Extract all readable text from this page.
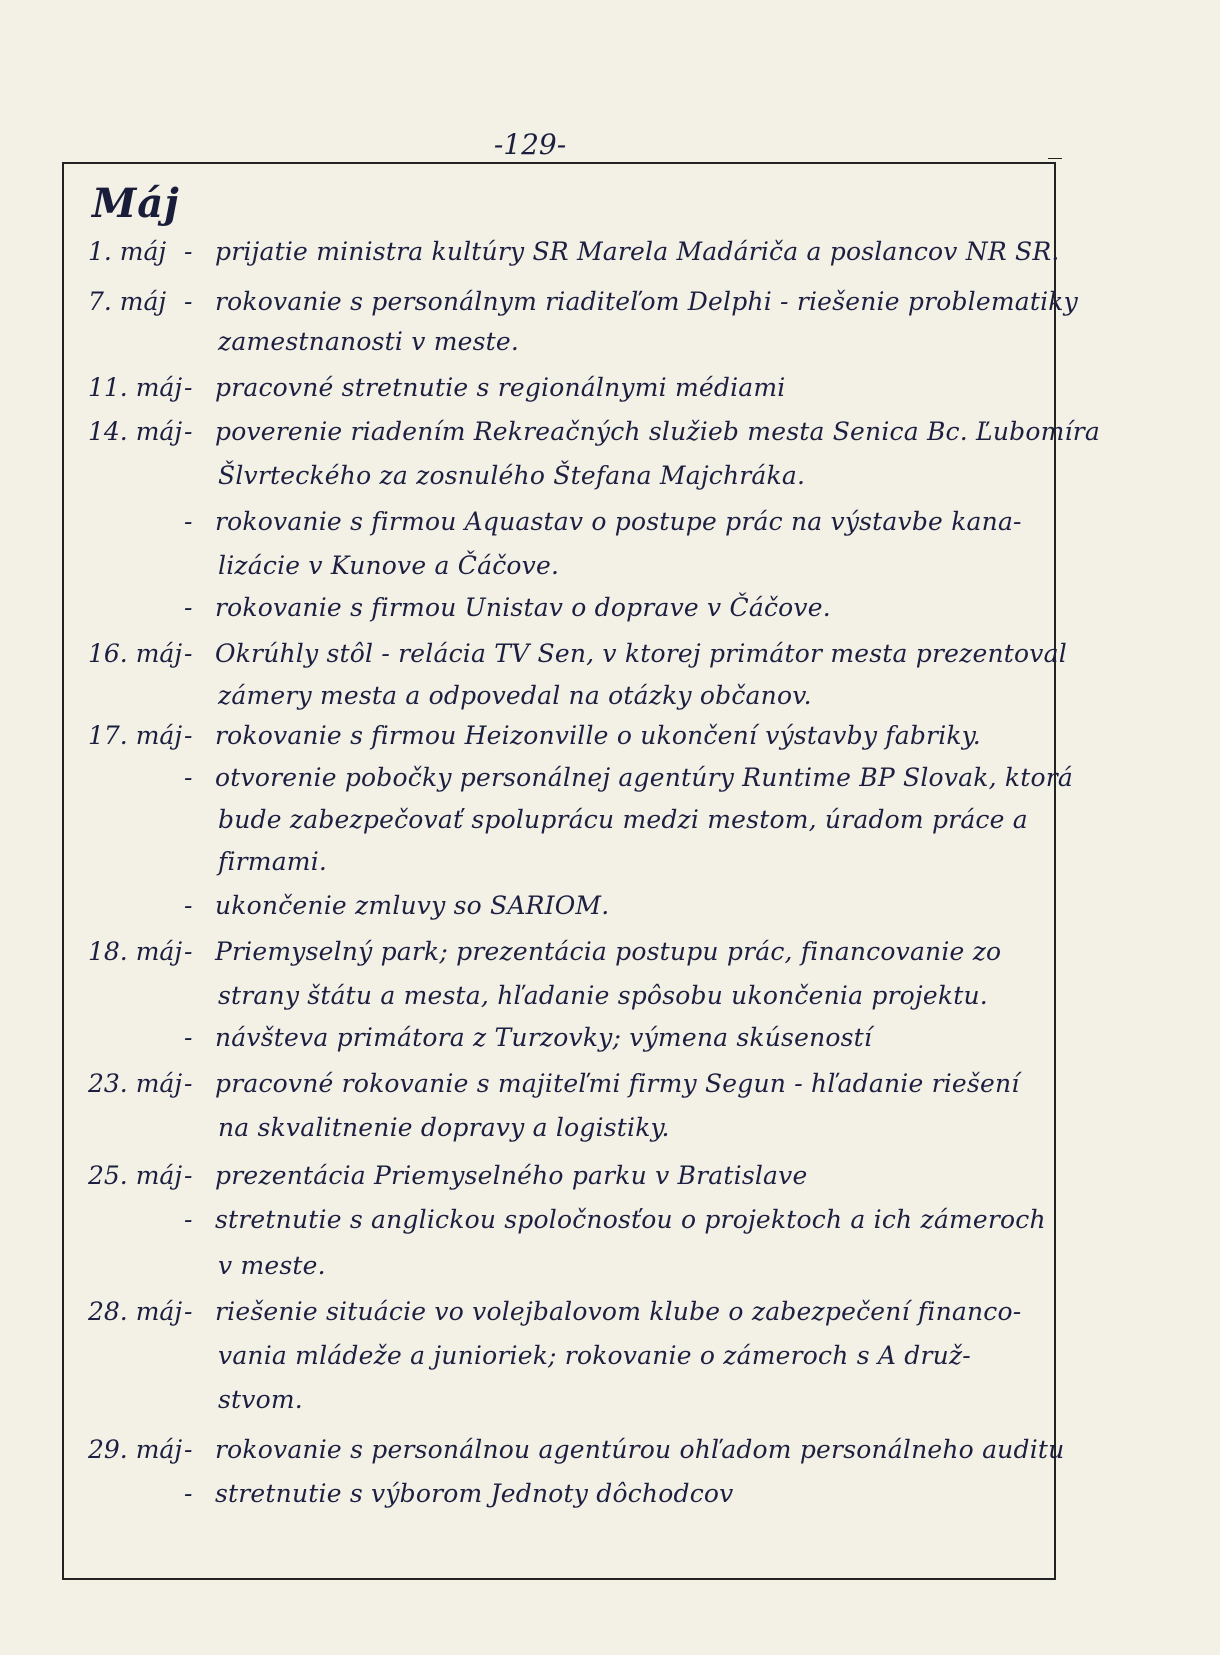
-129-
Máj
1. máj - prijatie ministra kultúry SR Marela Madáriča a poslancov NR SR.
7. máj - rokovanie s personálnym riaditeľom Delphi - riešenie problematiky
zamestnanosti v meste.
11. máj - pracovné stretnutie s regionálnymi médiami
14. máj - poverenie riadením Rekreačných služieb mesta Senica Bc. Ľubomíra
Šlvrteckého za zosnulého Štefana Majchráka.
- rokovanie s firmou Aquastav o postupe prác na výstavbe kana-
lizácie v Kunove a Čáčove.
- rokovanie s firmou Unistav o doprave v Čáčove.
16. máj - Okrúhly stôl - relácia TV Sen, v ktorej primátor mesta prezentoval
zámery mesta a odpovedal na otázky občanov.
17. máj - rokovanie s firmou Heizonville o ukončení výstavby fabriky.
- otvorenie pobočky personálnej agentúry Runtime BP Slovak, ktorá
bude zabezpečovať spoluprácu medzi mestom, úradom práce a
firmami.
- ukončenie zmluvy so SARIOM.
18. máj - Priemyselný park; prezentácia postupu prác, financovanie zo
strany štátu a mesta, hľadanie spôsobu ukončenia projektu.
- návšteva primátora z Turzovky; výmena skúseností
23. máj - pracovné rokovanie s majiteľmi firmy Segun - hľadanie riešení
na skvalitnenie dopravy a logistiky.
25. máj - prezentácia Priemyselného parku v Bratislave
- stretnutie s anglickou spoločnosťou o projektoch a ich zámeroch
v meste.
28. máj - riešenie situácie vo volejbalovom klube o zabezpečení financo-
vania mládeže a junioriek; rokovanie o zámeroch s A druž-
stvom.
29. máj - rokovanie s personálnou agentúrou ohľadom personálneho auditu
- stretnutie s výborom Jednoty dôchodcov
